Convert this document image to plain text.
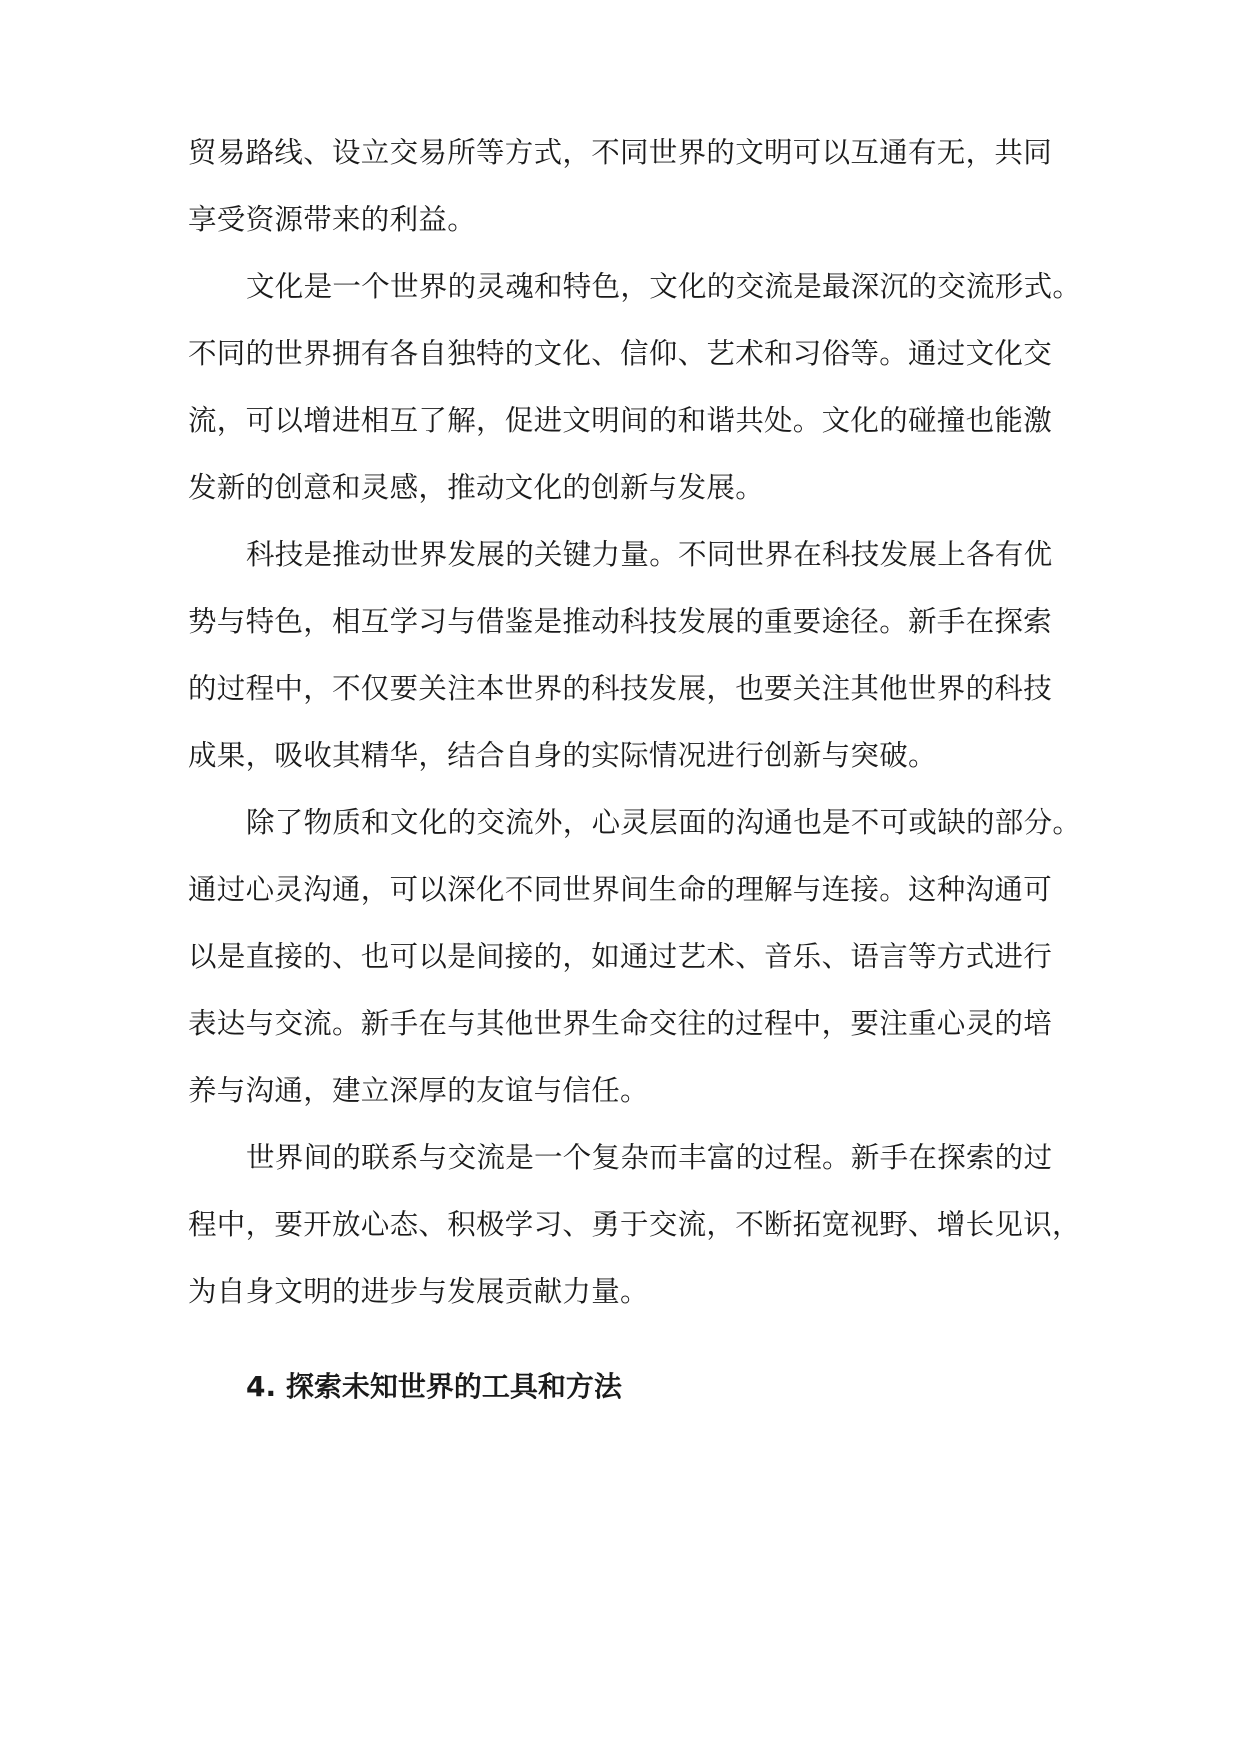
贸易路线、设立交易所等方式，不同世界的文明可以互通有无，共同
享受资源带来的利益。
文化是一个世界的灵魂和特色，文化的交流是最深沉的交流形式。
不同的世界拥有各自独特的文化、信仰、艺术和习俗等。通过文化交
流，可以增进相互了解，促进文明间的和谐共处。文化的碰撞也能激
发新的创意和灵感，推动文化的创新与发展。
科技是推动世界发展的关键力量。不同世界在科技发展上各有优
势与特色，相互学习与借鉴是推动科技发展的重要途径。新手在探索
的过程中，不仅要关注本世界的科技发展，也要关注其他世界的科技
成果，吸收其精华，结合自身的实际情况进行创新与突破。
除了物质和文化的交流外，心灵层面的沟通也是不可或缺的部分。
通过心灵沟通，可以深化不同世界间生命的理解与连接。这种沟通可
以是直接的、也可以是间接的，如通过艺术、音乐、语言等方式进行
表达与交流。新手在与其他世界生命交往的过程中，要注重心灵的培
养与沟通，建立深厚的友谊与信任。
世界间的联系与交流是一个复杂而丰富的过程。新手在探索的过
程中，要开放心态、积极学习、勇于交流，不断拓宽视野、增长见识，
为自身文明的进步与发展贡献力量。
4. 探索未知世界的工具和方法
